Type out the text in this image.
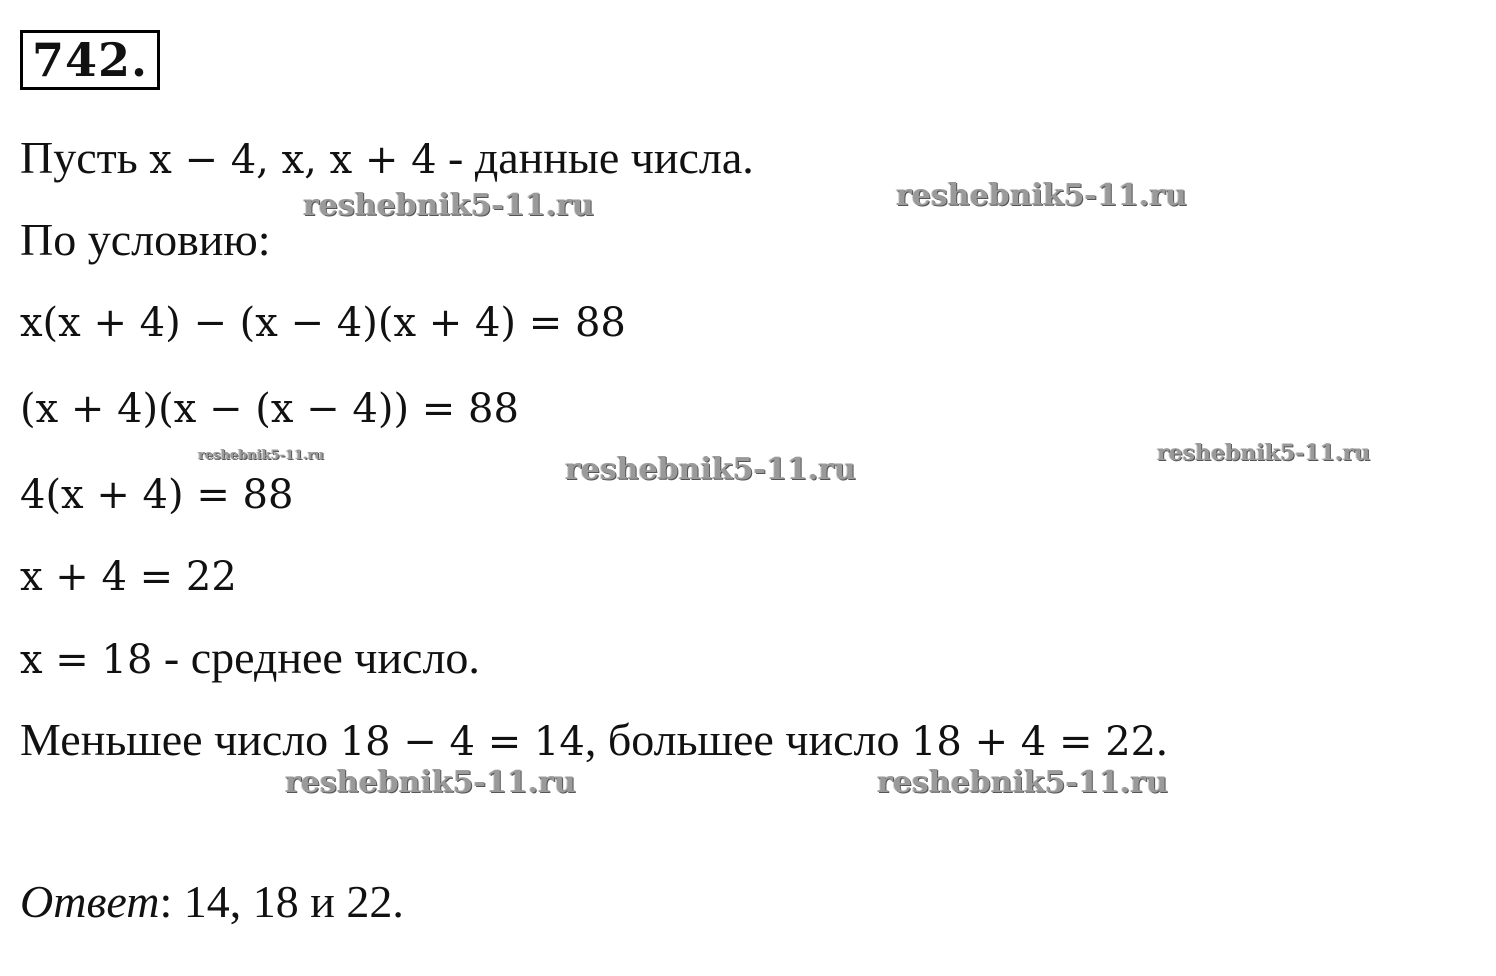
742.
Пусть x − 4, x, x + 4 - данные числа.
По условию:
x(x + 4) − (x − 4)(x + 4) = 88
(x + 4)(x − (x − 4)) = 88
4(x + 4) = 88
x + 4 = 22
x = 18 - среднее число.
Меньшее число 18 − 4 = 14, большее число 18 + 4 = 22.
Ответ: 14, 18 и 22.
reshebnik5-11.ru	reshebnik5-11.ru
reshebnik5-11.ru	reshebnik5-11.ru	reshebnik5-11.ru
reshebnik5-11.ru	reshebnik5-11.ru
